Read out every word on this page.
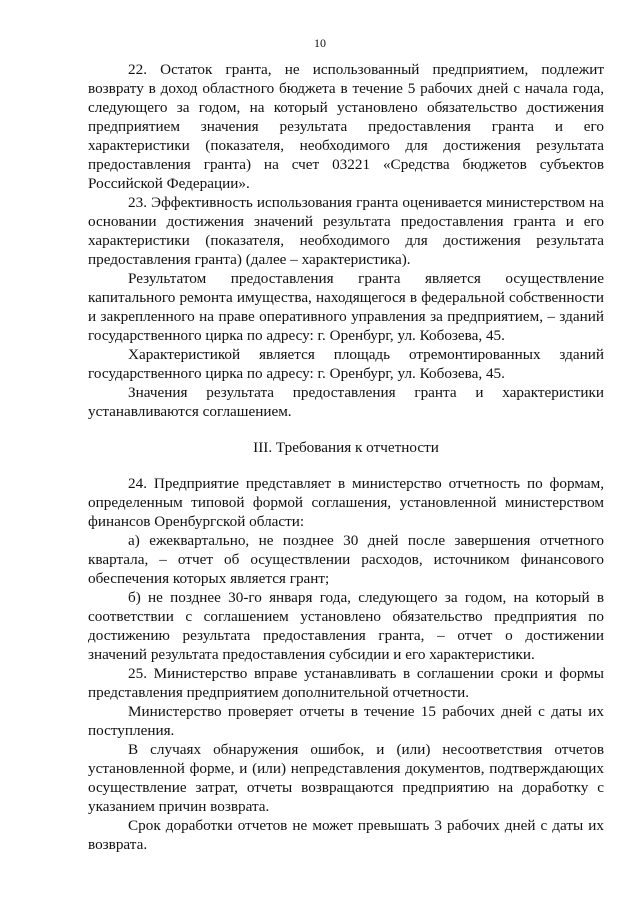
10

22. Остаток гранта, не использованный предприятием, подлежит возврату в доход областного бюджета в течение 5 рабочих дней с начала года, следующего за годом, на который установлено обязательство достижения предприятием значения результата предоставления гранта и его характеристики (показателя, необходимого для достижения результата предоставления гранта) на счет 03221 «Средства бюджетов субъектов Российской Федерации».

23. Эффективность использования гранта оценивается министерством на основании достижения значений результата предоставления гранта и его характеристики (показателя, необходимого для достижения результата предоставления гранта) (далее – характеристика).

Результатом предоставления гранта является осуществление капитального ремонта имущества, находящегося в федеральной собственности и закрепленного на праве оперативного управления за предприятием, – зданий государственного цирка по адресу: г. Оренбург, ул. Кобозева, 45.

Характеристикой является площадь отремонтированных зданий государственного цирка по адресу: г. Оренбург, ул. Кобозева, 45.

Значения результата предоставления гранта и характеристики устанавливаются соглашением.

III. Требования к отчетности

24. Предприятие представляет в министерство отчетность по формам, определенным типовой формой соглашения, установленной министерством финансов Оренбургской области:

а) ежеквартально, не позднее 30 дней после завершения отчетного квартала, – отчет об осуществлении расходов, источником финансового обеспечения которых является грант;

б) не позднее 30-го января года, следующего за годом, на который в соответствии с соглашением установлено обязательство предприятия по достижению результата предоставления гранта, – отчет о достижении значений результата предоставления субсидии и его характеристики.

25. Министерство вправе устанавливать в соглашении сроки и формы представления предприятием дополнительной отчетности.

Министерство проверяет отчеты в течение 15 рабочих дней с даты их поступления.

В случаях обнаружения ошибок, и (или) несоответствия отчетов установленной форме, и (или) непредставления документов, подтверждающих осуществление затрат, отчеты возвращаются предприятию на доработку с указанием причин возврата.

Срок доработки отчетов не может превышать 3 рабочих дней с даты их возврата.
